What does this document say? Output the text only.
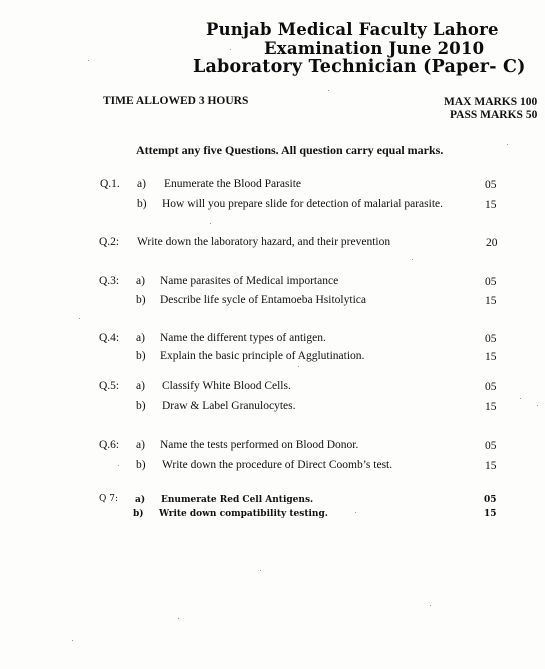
Punjab Medical Faculty Lahore
Examination June 2010
Laboratory Technician (Paper- C)
TIME ALLOWED 3 HOURS	MAX MARKS 100
PASS MARKS 50
Attempt any five Questions. All question carry equal marks.
Q.1. a) Enumerate the Blood Parasite	05
b) How will you prepare slide for detection of malarial parasite.	15
Q.2: Write down the laboratory hazard, and their prevention	20
Q.3: a) Name parasites of Medical importance	05
b) Describe life sycle of Entamoeba Hsitolytica	15
Q.4: a) Name the different types of antigen.	05
b) Explain the basic principle of Agglutination.	15
Q.5: a) Classify White Blood Cells.	05
b) Draw & Label Granulocytes.	15
Q.6: a) Name the tests performed on Blood Donor.	05
b) Write down the procedure of Direct Coomb’s test.	15
Q 7: a) Enumerate Red Cell Antigens.	05
b) Write down compatibility testing.	15
